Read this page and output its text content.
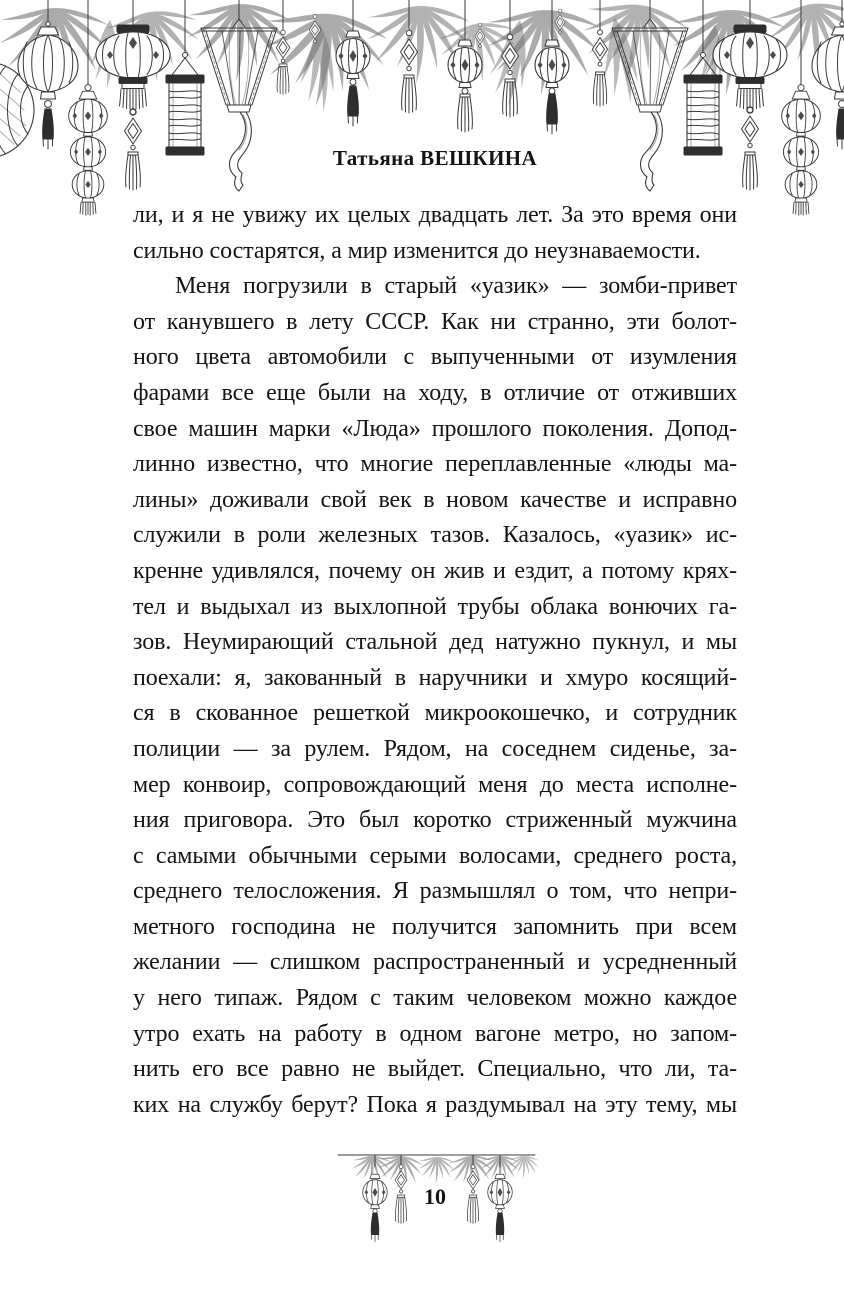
Татьяна ВЕШКИНА
ли, и я не увижу их целых двадцать лет. За это время они
сильно состарятся, а мир изменится до неузнаваемости.
Меня погрузили в старый «уазик» — зомби-привет
от канувшего в лету СССР. Как ни странно, эти болот-
ного цвета автомобили с выпученными от изумления
фарами все еще были на ходу, в отличие от отживших
свое машин марки «Люда» прошлого поколения. Допод-
линно известно, что многие переплавленные «люды ма-
лины» доживали свой век в новом качестве и исправно
служили в роли железных тазов. Казалось, «уазик» ис-
кренне удивлялся, почему он жив и ездит, а потому крях-
тел и выдыхал из выхлопной трубы облака вонючих га-
зов. Неумирающий стальной дед натужно пукнул, и мы
поехали: я, закованный в наручники и хмуро косящий-
ся в скованное решеткой микроокошечко, и сотрудник
полиции — за рулем. Рядом, на соседнем сиденье, за-
мер конвоир, сопровождающий меня до места исполне-
ния приговора. Это был коротко стриженный мужчина
с самыми обычными серыми волосами, среднего роста,
среднего телосложения. Я размышлял о том, что непри-
метного господина не получится запомнить при всем
желании — слишком распространенный и усредненный
у него типаж. Рядом с таким человеком можно каждое
утро ехать на работу в одном вагоне метро, но запом-
нить его все равно не выйдет. Специально, что ли, та-
ких на службу берут? Пока я раздумывал на эту тему, мы
10
